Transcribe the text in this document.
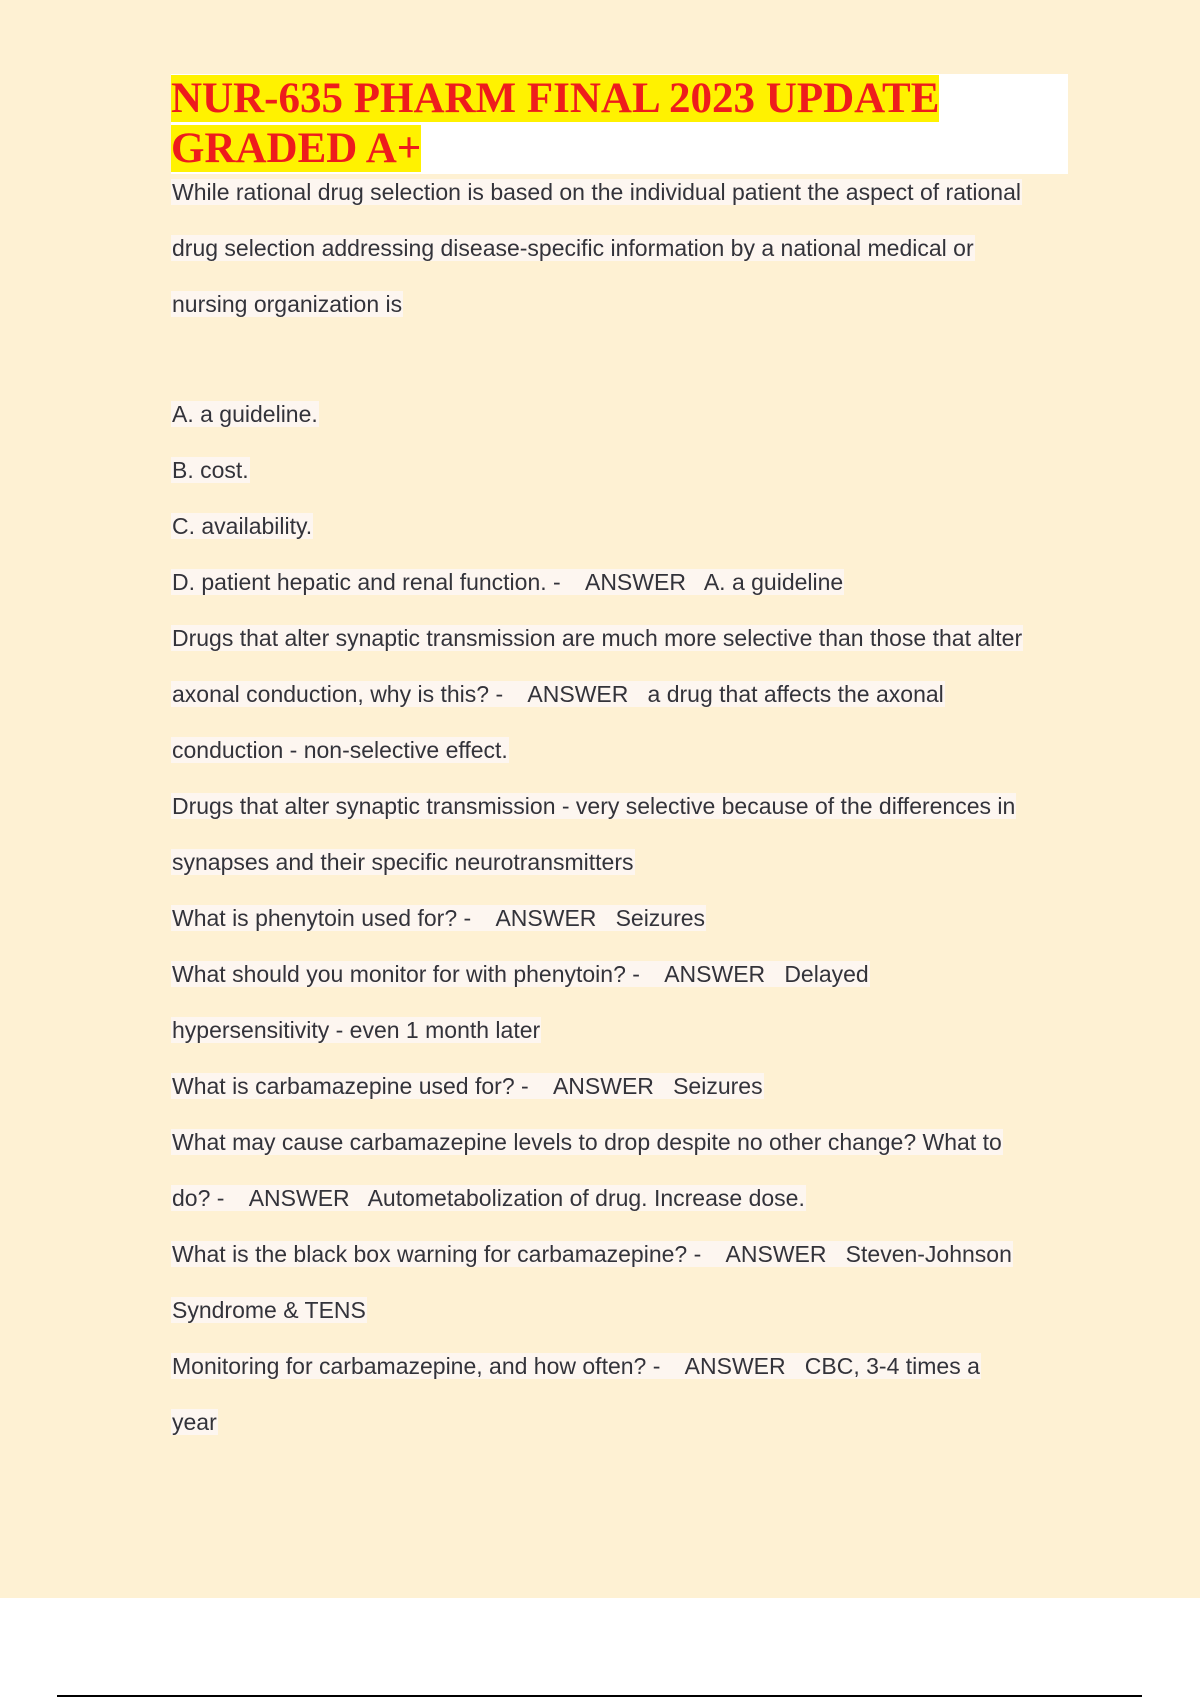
NUR-635 PHARM FINAL 2023 UPDATE GRADED A+
While rational drug selection is based on the individual patient the aspect of rational
drug selection addressing disease-specific information by a national medical or
nursing organization is
A. a guideline.
B. cost.
C. availability.
D. patient hepatic and renal function. -    ANSWER   A. a guideline
Drugs that alter synaptic transmission are much more selective than those that alter
axonal conduction, why is this? -    ANSWER   a drug that affects the axonal
conduction - non-selective effect.
Drugs that alter synaptic transmission - very selective because of the differences in
synapses and their specific neurotransmitters
What is phenytoin used for? -    ANSWER   Seizures
What should you monitor for with phenytoin? -    ANSWER   Delayed
hypersensitivity - even 1 month later
What is carbamazepine used for? -    ANSWER   Seizures
What may cause carbamazepine levels to drop despite no other change? What to
do? -    ANSWER   Autometabolization of drug. Increase dose.
What is the black box warning for carbamazepine? -    ANSWER   Steven-Johnson
Syndrome & TENS
Monitoring for carbamazepine, and how often? -    ANSWER   CBC, 3-4 times a
year
